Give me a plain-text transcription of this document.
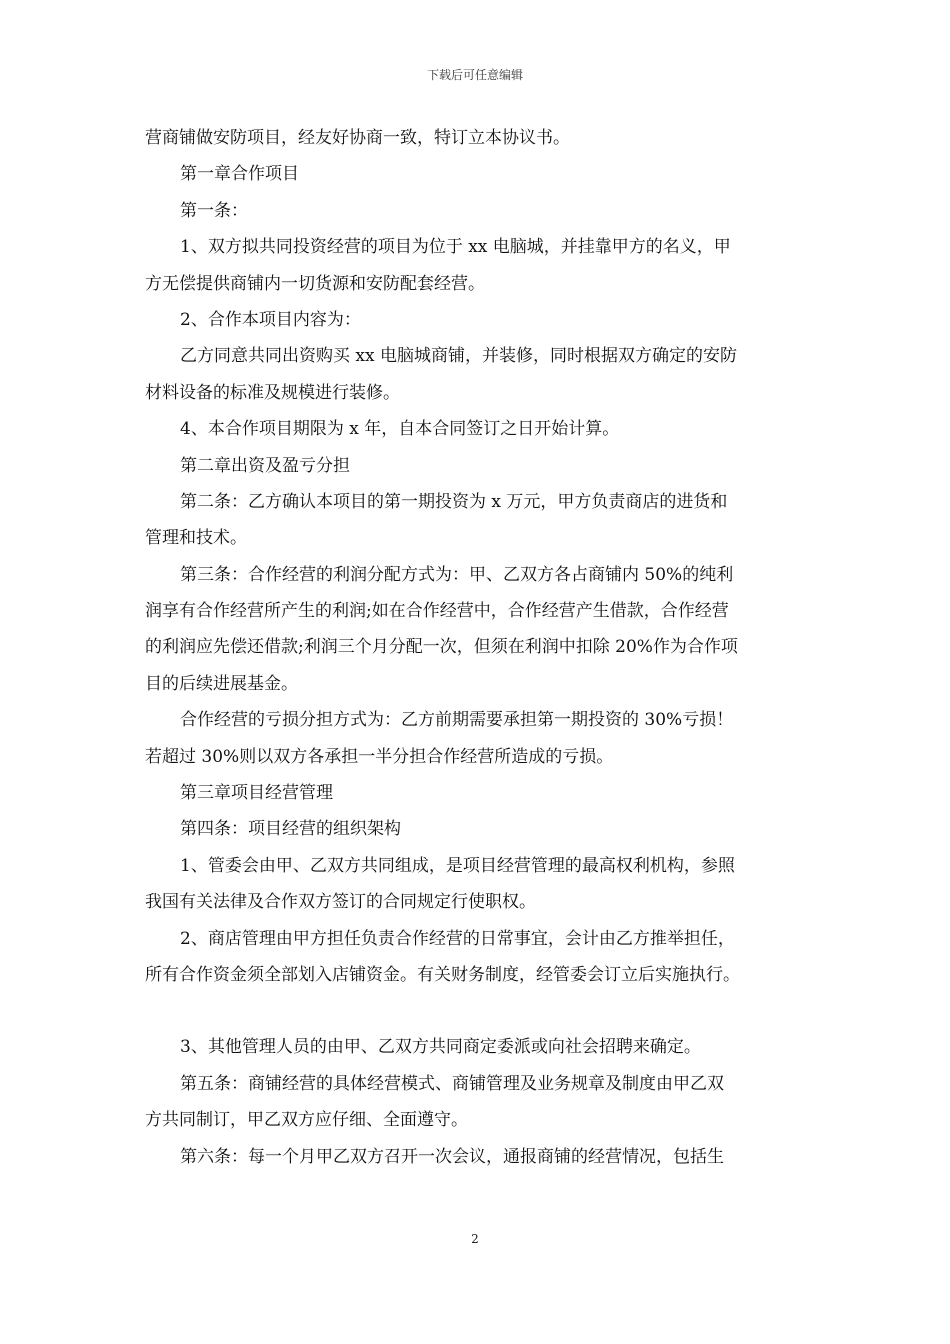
下载后可任意编辑
营商铺做安防项目，经友好协商一致，特订立本协议书。
第一章合作项目
第一条：
1、双方拟共同投资经营的项目为位于 xx 电脑城，并挂靠甲方的名义，甲
方无偿提供商铺内一切货源和安防配套经营。
2、合作本项目内容为：
乙方同意共同出资购买 xx 电脑城商铺，并装修，同时根据双方确定的安防
材料设备的标准及规模进行装修。
4、本合作项目期限为 x 年，自本合同签订之日开始计算。
第二章出资及盈亏分担
第二条：乙方确认本项目的第一期投资为 x 万元，甲方负责商店的进货和
管理和技术。
第三条：合作经营的利润分配方式为：甲、乙双方各占商铺内 50%的纯利
润享有合作经营所产生的利润;如在合作经营中，合作经营产生借款，合作经营
的利润应先偿还借款;利润三个月分配一次，但须在利润中扣除 20%作为合作项
目的后续进展基金。
合作经营的亏损分担方式为：乙方前期需要承担第一期投资的 30%亏损！
若超过 30%则以双方各承担一半分担合作经营所造成的亏损。
第三章项目经营管理
第四条：项目经营的组织架构
1、管委会由甲、乙双方共同组成，是项目经营管理的最高权利机构，参照
我国有关法律及合作双方签订的合同规定行使职权。
2、商店管理由甲方担任负责合作经营的日常事宜，会计由乙方推举担任，
所有合作资金须全部划入店铺资金。有关财务制度，经管委会订立后实施执行。
3、其他管理人员的由甲、乙双方共同商定委派或向社会招聘来确定。
第五条：商铺经营的具体经营模式、商铺管理及业务规章及制度由甲乙双
方共同制订，甲乙双方应仔细、全面遵守。
第六条：每一个月甲乙双方召开一次会议，通报商铺的经营情况，包括生
2
